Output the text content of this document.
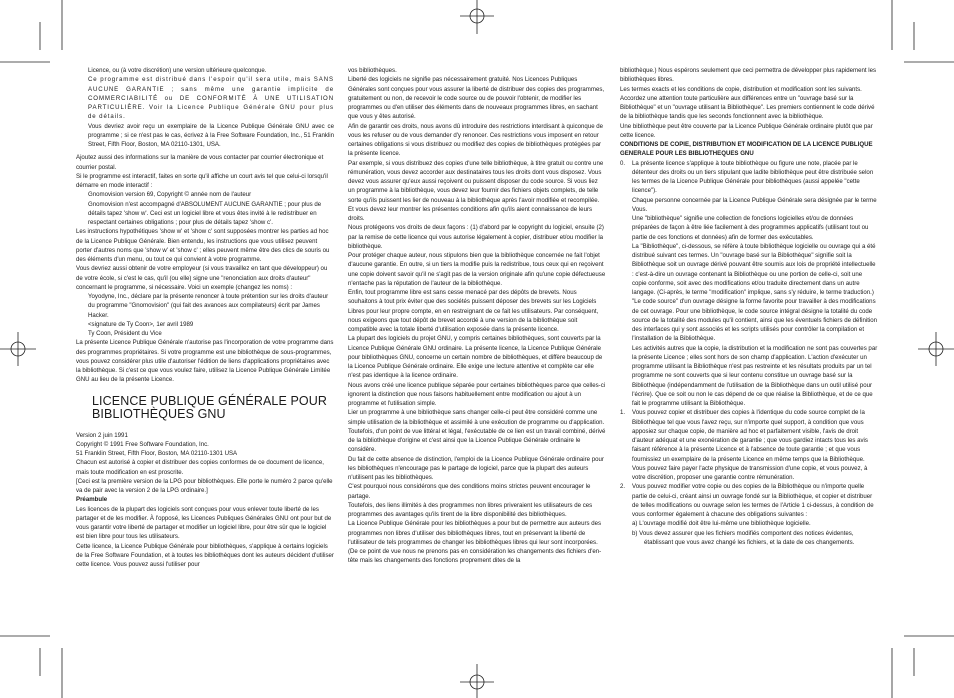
Licence, ou (à votre discrétion) une version ultérieure quelconque.

Ce programme est distribué dans l'espoir qu'il sera utile, mais SANS AUCUNE GARANTIE ; sans même une garantie implicite de COMMERCIABILITÉ ou DE CONFORMITÉ À UNE UTILISATION PARTICULIÈRE. Voir la Licence Publique Générale GNU pour plus de détails.

Vous devriez avoir reçu un exemplaire de la Licence Publique Générale GNU avec ce programme ; si ce n'est pas le cas, écrivez à la Free Software Foundation, Inc., 51 Franklin Street, Fifth Floor, Boston, MA 02110-1301, USA.

Ajoutez aussi des informations sur la manière de vous contacter par courrier électronique et courrier postal.

Si le programme est interactif, faites en sorte qu'il affiche un court avis tel que celui-ci lorsqu'il démarre en mode interactif :

Gnomovision version 69, Copyright © année nom de l'auteur

Gnomovision n'est accompagné d'ABSOLUMENT AUCUNE GARANTIE ; pour plus de détails tapez 'show w'. Ceci est un logiciel libre et vous êtes invité à le redistribuer en respectant certaines obligations ; pour plus de détails tapez 'show c'.

Les instructions hypothétiques 'show w' et 'show c' sont supposées montrer les parties ad hoc de la Licence Publique Générale. Bien entendu, les instructions que vous utilisez peuvent porter d'autres noms que 'show w' et 'show c' ; elles peuvent même être des clics de souris ou des éléments d'un menu, ou tout ce qui convient à votre programme.

Vous devriez aussi obtenir de votre employeur (si vous travaillez en tant que développeur) ou de votre école, si c'est le cas, qu'il (ou elle) signe une "renonciation aux droits d'auteur" concernant le programme, si nécessaire. Voici un exemple (changez les noms) :

Yoyodyne, Inc., déclare par la présente renoncer à toute prétention sur les droits d'auteur du programme "Gnomovision" (qui fait des avances aux compilateurs) écrit par James Hacker.

<signature de Ty Coon>, 1er avril 1989

Ty Coon, Président du Vice

La présente Licence Publique Générale n'autorise pas l'incorporation de votre programme dans des programmes propriétaires. Si votre programme est une bibliothèque de sous-programmes, vous pouvez considérer plus utile d'autoriser l'édition de liens d'applications propriétaires avec la bibliothèque. Si c'est ce que vous voulez faire, utilisez la Licence Publique Générale Limitée GNU au lieu de la présente Licence.

LICENCE PUBLIQUE GÉNÉRALE POUR BIBLIOTHÈQUES GNU

Version 2 juin 1991

Copyright © 1991 Free Software Foundation, Inc.

51 Franklin Street, Fifth Floor, Boston, MA 02110-1301 USA

Chacun est autorisé à copier et distribuer des copies conformes de ce document de licence, mais toute modification en est proscrite.

[Ceci est la première version de la LPG pour bibliothèques. Elle porte le numéro 2 parce qu'elle va de pair avec la version 2 de la LPG ordinaire.]

Préambule

Les licences de la plupart des logiciels sont conçues pour vous enlever toute liberté de les partager et de les modifier. À l'opposé, les Licences Publiques Générales GNU ont pour but de vous garantir votre liberté de partager et modifier un logiciel libre, pour être sûr que le logiciel est bien libre pour tous les utilisateurs.

Cette licence, la Licence Publique Générale pour bibliothèques, s'applique à certains logiciels de la Free Software Foundation, et à toutes les bibliothèques dont les auteurs décident d'utiliser cette licence. Vous pouvez aussi l'utiliser pour

vos bibliothèques.

Liberté des logiciels ne signifie pas nécessairement gratuité. Nos Licences Publiques Générales sont conçues pour vous assurer la liberté de distribuer des copies des programmes, gratuitement ou non, de recevoir le code source ou de pouvoir l'obtenir, de modifier les programmes ou d'en utiliser des éléments dans de nouveaux programmes libres, en sachant que vous y êtes autorisé.

Afin de garantir ces droits, nous avons dû introduire des restrictions interdisant à quiconque de vous les refuser ou de vous demander d'y renoncer. Ces restrictions vous imposent en retour certaines obligations si vous distribuez ou modifiez des copies de bibliothèques protégées par la présente licence.

Par exemple, si vous distribuez des copies d'une telle bibliothèque, à titre gratuit ou contre une rémunération, vous devez accorder aux destinataires tous les droits dont vous disposez. Vous devez vous assurer qu'eux aussi reçoivent ou puissent disposer du code source. Si vous liez un programme à la bibliothèque, vous devez leur fournir des fichiers objets complets, de telle sorte qu'ils puissent les lier de nouveau à la bibliothèque après l'avoir modifiée et recompilée. Et vous devez leur montrer les présentes conditions afin qu'ils aient connaissance de leurs droits.

Nous protégeons vos droits de deux façons : (1) d'abord par le copyright du logiciel, ensuite (2) par la remise de cette licence qui vous autorise légalement à copier, distribuer et/ou modifier la bibliothèque.

Pour protéger chaque auteur, nous stipulons bien que la bibliothèque concernée ne fait l'objet d'aucune garantie. En outre, si un tiers la modifie puis la redistribue, tous ceux qui en reçoivent une copie doivent savoir qu'il ne s'agit pas de la version originale afin qu'une copie défectueuse n'entache pas la réputation de l'auteur de la bibliothèque.

Enfin, tout programme libre est sans cesse menacé par des dépôts de brevets. Nous souhaitons à tout prix éviter que des sociétés puissent déposer des brevets sur les Logiciels Libres pour leur propre compte, en en restreignant de ce fait les utilisateurs. Par conséquent, nous exigeons que tout dépôt de brevet accordé à une version de la bibliothèque soit compatible avec la totale liberté d'utilisation exposée dans la présente licence.

La plupart des logiciels du projet GNU, y compris certaines bibliothèques, sont couverts par la Licence Publique Générale GNU ordinaire. La présente licence, la Licence Publique Générale pour bibliothèques GNU, concerne un certain nombre de bibliothèques, et diffère beaucoup de la Licence Publique Générale ordinaire. Elle exige une lecture attentive et complète car elle n'est pas identique à la licence ordinaire.

Nous avons créé une licence publique séparée pour certaines bibliothèques parce que celles-ci ignorent la distinction que nous faisons habituellement entre modification ou ajout à un programme et l'utilisation simple.

Lier un programme à une bibliothèque sans changer celle-ci peut être considéré comme une simple utilisation de la bibliothèque et assimilé à une exécution de programme ou d'application. Toutefois, d'un point de vue littéral et légal, l'exécutable de ce lien est un travail combiné, dérivé de la bibliothèque d'origine et c'est ainsi que la Licence Publique Générale ordinaire le considère.

Du fait de cette absence de distinction, l'emploi de la Licence Publique Générale ordinaire pour les bibliothèques n'encourage pas le partage de logiciel, parce que la plupart des auteurs n'utilisent pas les bibliothèques.

C'est pourquoi nous considérons que des conditions moins strictes peuvent encourager le partage.

Toutefois, des liens illimités à des programmes non libres priveraient les utilisateurs de ces programmes des avantages qu'ils tirent de la libre disponibilité des bibliothèques.

La Licence Publique Générale pour les bibliothèques a pour but de permettre aux auteurs des programmes non libres d'utiliser des bibliothèques libres, tout en préservant la liberté de l'utilisateur de tels programmes de changer les bibliothèques libres qui leur sont incorporées.

(De ce point de vue nous ne prenons pas en considération les changements des fichiers d'en-tête mais les changements des fonctions proprement dites de la

bibliothèque.) Nous espérons seulement que ceci permettra de développer plus rapidement les bibliothèques libres.

Les termes exacts et les conditions de copie, distribution et modification sont les suivants. Accordez une attention toute particulière aux différences entre un "ouvrage basé sur la Bibliothèque" et un "ouvrage utilisant la Bibliothèque". Les premiers contiennent le code dérivé de la bibliothèque tandis que les seconds fonctionnent avec la bibliothèque.

Une bibliothèque peut être couverte par la Licence Publique Générale ordinaire plutôt que par cette licence.

CONDITIONS DE COPIE, DISTRIBUTION ET MODIFICATION DE LA LICENCE PUBLIQUE GENERALE POUR LES BIBLIOTHEQUES GNU

0. La présente licence s'applique à toute bibliothèque ou figure une note, placée par le détenteur des droits ou un tiers stipulant que ladite bibliothèque peut être distribuée selon les termes de la Licence Publique Générale pour bibliothèques (aussi appelée "cette licence").

Chaque personne concernée par la Licence Publique Générale sera désignée par le terme Vous.

Une "bibliothèque" signifie une collection de fonctions logicielles et/ou de données préparées de façon à être liée facilement à des programmes applicatifs (utilisant tout ou partie de ces fonctions et données) afin de former des exécutables.

La "Bibliothèque", ci-dessous, se réfère à toute bibliothèque logicielle ou ouvrage qui a été distribué suivant ces termes. Un "ouvrage basé sur la Bibliothèque" signifie soit la Bibliothèque soit un ouvrage dérivé pouvant être soumis aux lois de propriété intellectuelle : c'est-à-dire un ouvrage contenant la Bibliothèque ou une portion de celle-ci, soit une copie conforme, soit avec des modifications et/ou traduite directement dans un autre langage. (Ci-après, le terme "modification" implique, sans s'y réduire, le terme traduction.)

"Le code source" d'un ouvrage désigne la forme favorite pour travailler à des modifications de cet ouvrage. Pour une bibliothèque, le code source intégral désigne la totalité du code source de la totalité des modules qu'il contient, ainsi que les éventuels fichiers de définition des interfaces qui y sont associés et les scripts utilisés pour contrôler la compilation et l'installation de la Bibliothèque.

Les activités autres que la copie, la distribution et la modification ne sont pas couvertes par la présente Licence ; elles sont hors de son champ d'application. L'action d'exécuter un programme utilisant la Bibliothèque n'est pas restreinte et les résultats produits par un tel programme ne sont couverts que si leur contenu constitue un ouvrage basé sur la Bibliothèque (indépendamment de l'utilisation de la Bibliothèque dans un outil utilisé pour l'écrire). Que ce soit ou non le cas dépend de ce que réalise la Bibliothèque, et de ce que fait le programme utilisant la Bibliothèque.

1. Vous pouvez copier et distribuer des copies à l'identique du code source complet de la Bibliothèque tel que vous l'avez reçu, sur n'importe quel support, à condition que vous apposiez sur chaque copie, de manière ad hoc et parfaitement visible, l'avis de droit d'auteur adéquat et une exonération de garantie ; que vous gardiez intacts tous les avis faisant référence à la présente Licence et à l'absence de toute garantie ; et que vous fournissiez un exemplaire de la présente Licence en même temps que la Bibliothèque.

Vous pouvez faire payer l'acte physique de transmission d'une copie, et vous pouvez, à votre discrétion, proposer une garantie contre rémunération.

2. Vous pouvez modifier votre copie ou des copies de la Bibliothèque ou n'importe quelle partie de celui-ci, créant ainsi un ouvrage fondé sur la Bibliothèque, et copier et distribuer de telles modifications ou ouvrage selon les termes de l'Article 1 ci-dessus, à condition de vous conformer également à chacune des obligations suivantes :

a) L'ouvrage modifié doit être lui-même une bibliothèque logicielle.

b) Vous devez assurer que les fichiers modifiés comportent des notices évidentes, établissant que vous avez changé les fichiers, et la date de ces changements.
